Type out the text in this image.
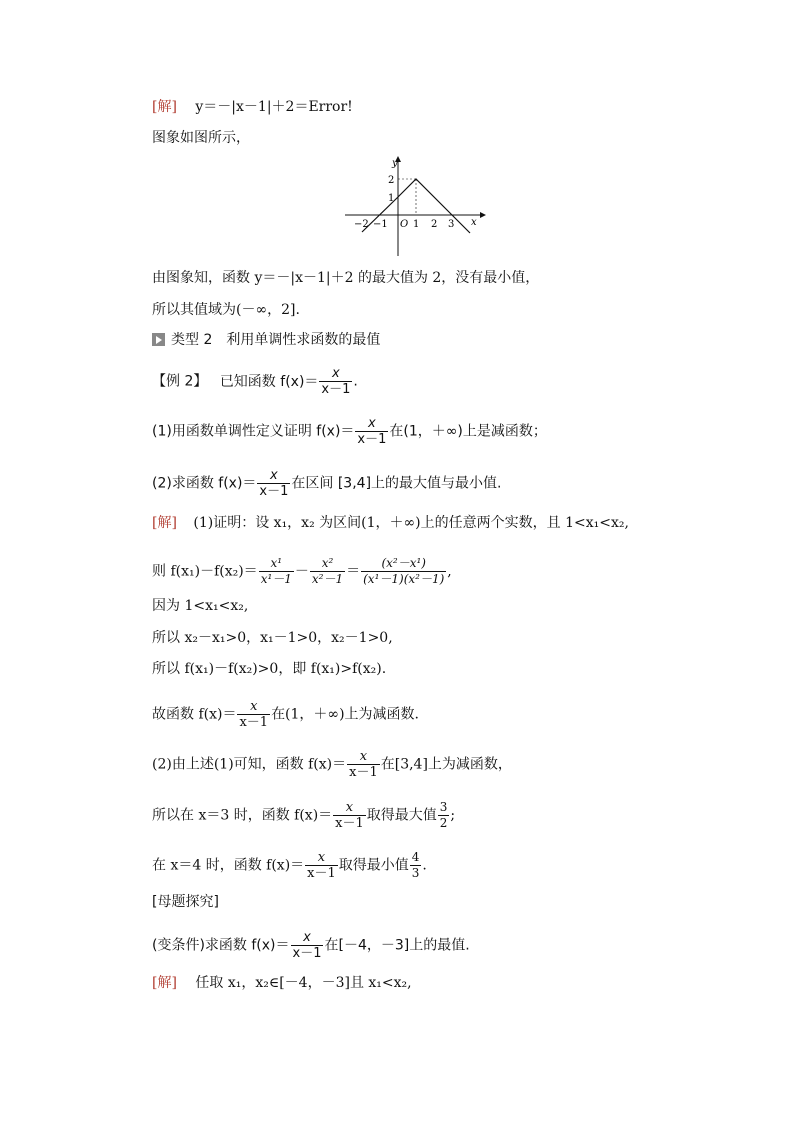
[解] y＝－|x－1|＋2＝Error!
图象如图所示，
y
x
2
1
−2 −1 O 1 2 3
由图象知，函数 y＝－|x－1|＋2 的最大值为 2，没有最小值，
所以其值域为(－∞，2].
类型 2　利用单调性求函数的最值
【例 2】 已知函数 $f(x)= \frac{x}{x-1}$ .
(1)用函数单调性定义证明 $f(x)= \frac{x}{x-1}$ 在(1，＋∞)上是减函数；
(2)求函数 $f(x)= \frac{x}{x-1}$ 在区间 [3,4]上的最大值与最小值.
[解] (1)证明：设 x₁，x₂ 为区间(1，＋∞)上的任意两个实数，且 1<x₁<x₂,
则 $f(x_1)-f(x_2)= \frac{\text{x¹}}{\text{x¹－1}} - \frac{\text{x²}}{\text{x²－1}} = \frac{\text{(x²－x¹)}}{\text{(x¹－1)(x²－1)}}$ ,
因为 1<x₁<x₂,
所以 x₂－x₁>0，x₁－1>0，x₂－1>0,
所以 f(x₁)－f(x₂)>0，即 f(x₁)>f(x₂).
故函数 $f(x)= \frac{x}{x-1}$ 在(1，＋∞)上为减函数.
(2)由上述(1)可知，函数 $f(x)= \frac{x}{x-1}$ 在[3,4]上为减函数，
所以在 x＝3 时，函数 $f(x)= \frac{x}{x-1}$ 取得最大值 $\frac{3}{2}$ ;
在 x＝4 时，函数 $f(x)= \frac{x}{x-1}$ 取得最小值 $\frac{4}{3}$ .
[母题探究]
(变条件)求函数 $f(x)= \frac{x}{x-1}$ 在[－4，－3]上的最值.
[解] 任取 x₁，x₂∈[－4，－3]且 x₁<x₂,
